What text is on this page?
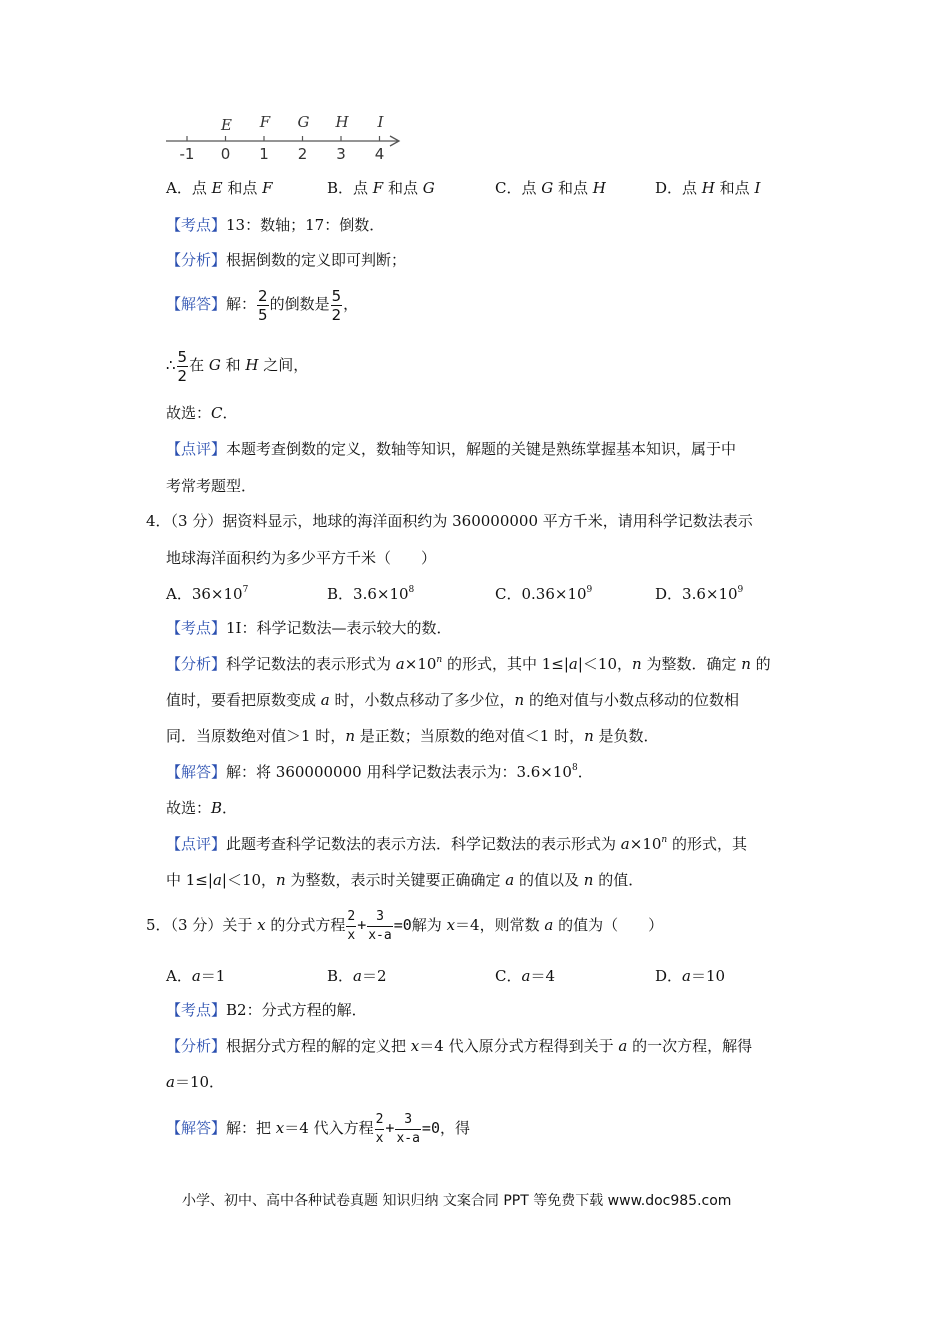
-1 0 1 2 3 4
E F G H I
A．点 E 和点 F	B．点 F 和点 G	C．点 G 和点 H	D．点 H 和点 I
【考点】13：数轴；17：倒数．
【分析】根据倒数的定义即可判断；
【解答】解： $\frac{2}{5}$ 的倒数是 $\frac{5}{2}$ ，
∴ $\frac{5}{2}$ 在 G 和 H 之间，
故选：C．
【点评】本题考查倒数的定义，数轴等知识，解题的关键是熟练掌握基本知识，属于中
考常考题型．
4．（3 分）据资料显示，地球的海洋面积约为 360000000 平方千米，请用科学记数法表示
地球海洋面积约为多少平方千米（　　）
A．$36\times 10^7$	B．$3.6\times 10^8$	C．$0.36\times 10^9$	D．$3.6\times 10^9$
【考点】1I：科学记数法—表示较大的数．
【分析】科学记数法的表示形式为 $a\times 10^n$ 的形式，其中 1≤|a|＜10，n 为整数．确定 n 的
值时，要看把原数变成 a 时，小数点移动了多少位，n 的绝对值与小数点移动的位数相
同．当原数绝对值＞1 时，n 是正数；当原数的绝对值＜1 时，n 是负数．
【解答】解：将 360000000 用科学记数法表示为：$3.6\times 10^8$．
故选：B．
【点评】此题考查科学记数法的表示方法．科学记数法的表示形式为 $a\times 10^n$ 的形式，其
中 1≤|a|＜10，n 为整数，表示时关键要正确确定 a 的值以及 n 的值．
5．（3 分）关于 x 的分式方程 $\frac{2}{x} + \frac{3}{x-a} =0$解为 x＝4，则常数 a 的值为（　　）
A．a＝1	B．a＝2	C．a＝4	D．a＝10
【考点】B2：分式方程的解．
【分析】根据分式方程的解的定义把 x＝4 代入原分式方程得到关于 a 的一次方程，解得
a＝10．
【解答】解：把 x＝4 代入方程 $\frac{2}{x} + \frac{3}{x-a} =0$，得
小学、初中、高中各种试卷真题 知识归纳 文案合同 PPT 等免费下载 www.doc985.com
